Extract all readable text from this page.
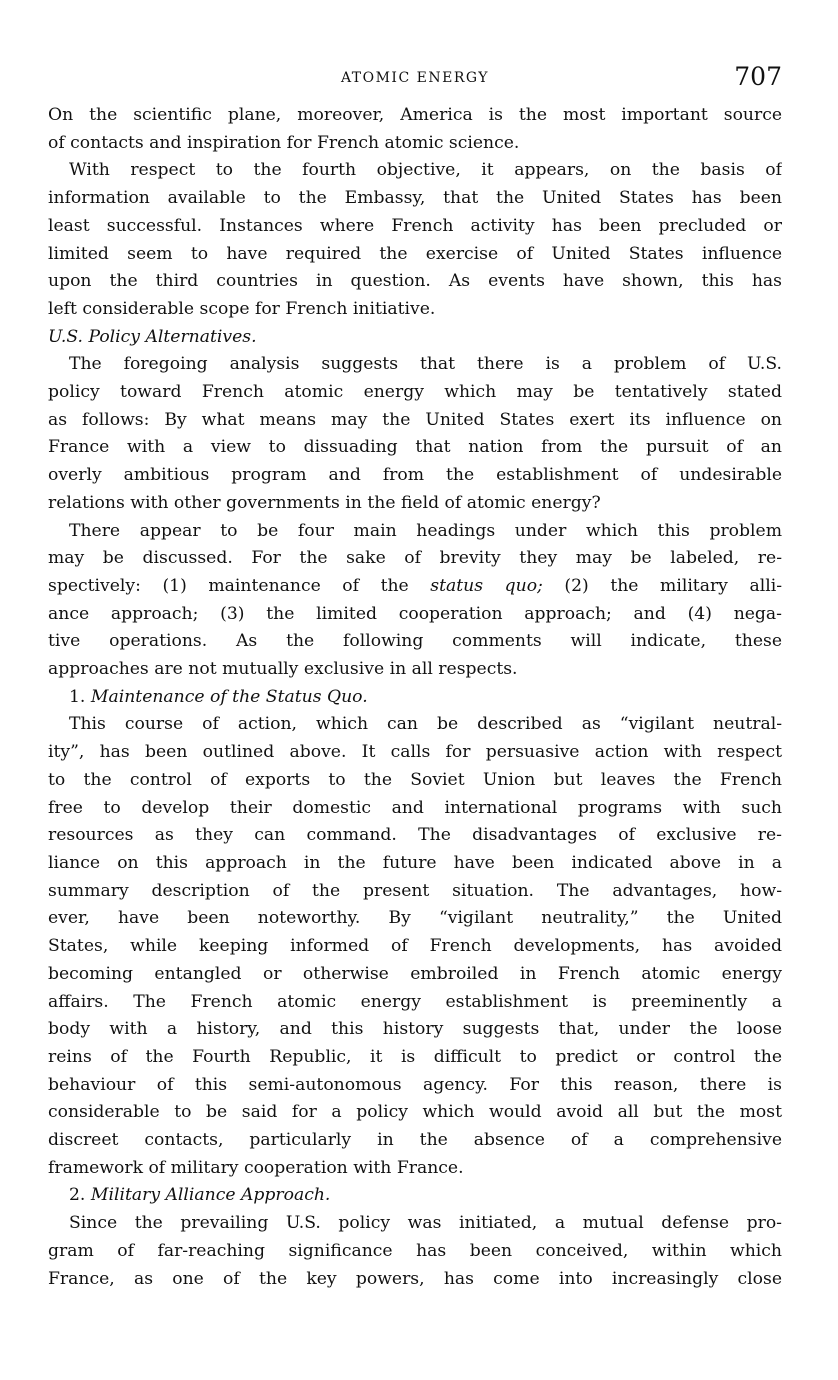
ATOMIC ENERGY	707
On the scientific plane, moreover, America is the most important source
of contacts and inspiration for French atomic science.
With respect to the fourth objective, it appears, on the basis of
information available to the Embassy, that the United States has been
least successful. Instances where French activity has been precluded or
limited seem to have required the exercise of United States influence
upon the third countries in question. As events have shown, this has
left considerable scope for French initiative.

U.S. Policy Alternatives.

The foregoing analysis suggests that there is a problem of U.S.
policy toward French atomic energy which may be tentatively stated
as follows: By what means may the United States exert its influence on
France with a view to dissuading that nation from the pursuit of an
overly ambitious program and from the establishment of undesirable
relations with other governments in the field of atomic energy?
There appear to be four main headings under which this problem
may be discussed. For the sake of brevity they may be labeled, re-
spectively: (1) maintenance of the status quo; (2) the military alli-
ance approach; (3) the limited cooperation approach; and (4) nega-
tive operations. As the following comments will indicate, these
approaches are not mutually exclusive in all respects.

1. Maintenance of the Status Quo.

This course of action, which can be described as “vigilant neutral-
ity”, has been outlined above. It calls for persuasive action with respect
to the control of exports to the Soviet Union but leaves the French
free to develop their domestic and international programs with such
resources as they can command. The disadvantages of exclusive re-
liance on this approach in the future have been indicated above in a
summary description of the present situation. The advantages, how-
ever, have been noteworthy. By “vigilant neutrality,” the United
States, while keeping informed of French developments, has avoided
becoming entangled or otherwise embroiled in French atomic energy
affairs. The French atomic energy establishment is preeminently a
body with a history, and this history suggests that, under the loose
reins of the Fourth Republic, it is difficult to predict or control the
behaviour of this semi-autonomous agency. For this reason, there is
considerable to be said for a policy which would avoid all but the most
discreet contacts, particularly in the absence of a comprehensive
framework of military cooperation with France.

2. Military Alliance Approach.

Since the prevailing U.S. policy was initiated, a mutual defense pro-
gram of far-reaching significance has been conceived, within which
France, as one of the key powers, has come into increasingly close
